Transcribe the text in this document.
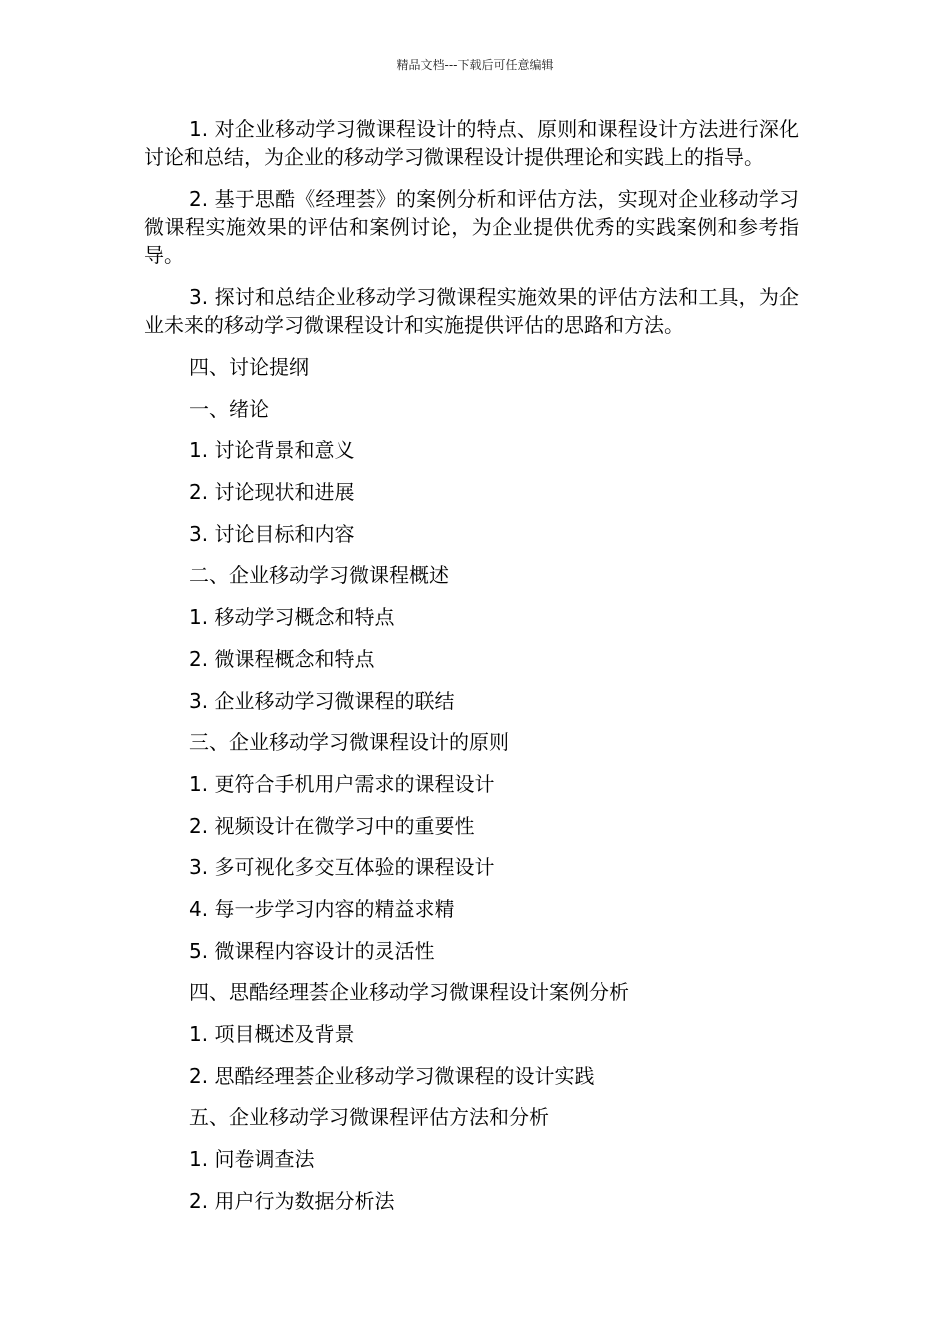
精品文档---下载后可任意编辑

1. 对企业移动学习微课程设计的特点、原则和课程设计方法进行深化讨论和总结，为企业的移动学习微课程设计提供理论和实践上的指导。

2. 基于思酷《经理荟》的案例分析和评估方法，实现对企业移动学习微课程实施效果的评估和案例讨论，为企业提供优秀的实践案例和参考指导。

3. 探讨和总结企业移动学习微课程实施效果的评估方法和工具，为企业未来的移动学习微课程设计和实施提供评估的思路和方法。

四、讨论提纲

一、绪论

1. 讨论背景和意义

2. 讨论现状和进展

3. 讨论目标和内容

二、企业移动学习微课程概述

1. 移动学习概念和特点

2. 微课程概念和特点

3. 企业移动学习微课程的联结

三、企业移动学习微课程设计的原则

1. 更符合手机用户需求的课程设计

2. 视频设计在微学习中的重要性

3. 多可视化多交互体验的课程设计

4. 每一步学习内容的精益求精

5. 微课程内容设计的灵活性

四、思酷经理荟企业移动学习微课程设计案例分析

1. 项目概述及背景

2. 思酷经理荟企业移动学习微课程的设计实践

五、企业移动学习微课程评估方法和分析

1. 问卷调查法

2. 用户行为数据分析法
